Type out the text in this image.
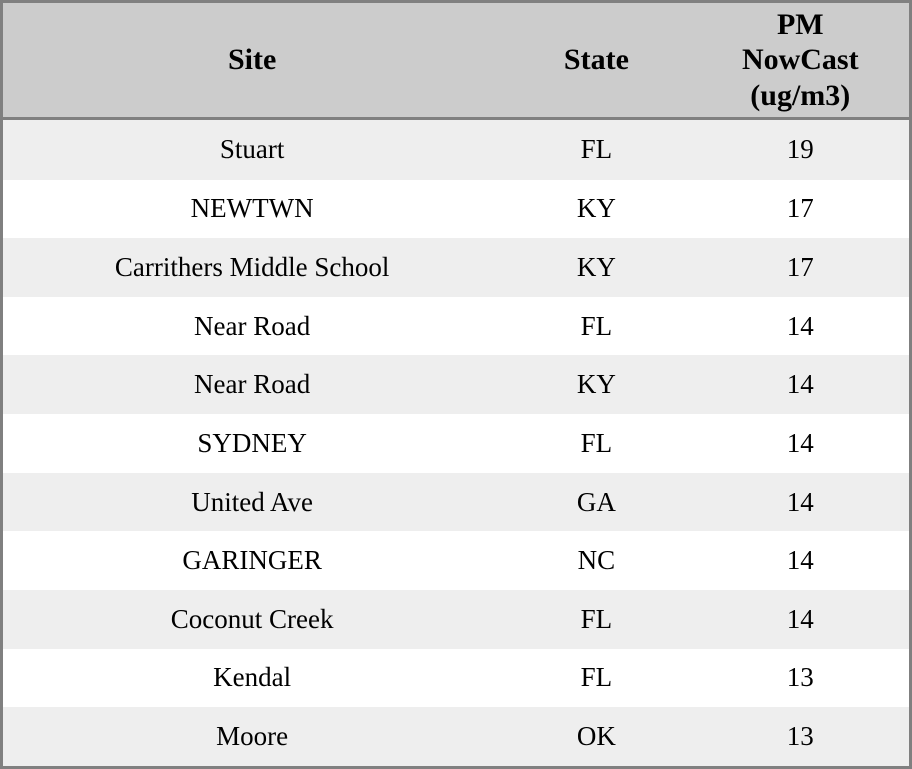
Site	State	PM
NowCast
(ug/m3)

Stuart	FL	19
NEWTWN	KY	17
Carrithers Middle School	KY	17
Near Road	FL	14
Near Road	KY	14
SYDNEY	FL	14
United Ave	GA	14
GARINGER	NC	14
Coconut Creek	FL	14
Kendal	FL	13
Moore	OK	13
